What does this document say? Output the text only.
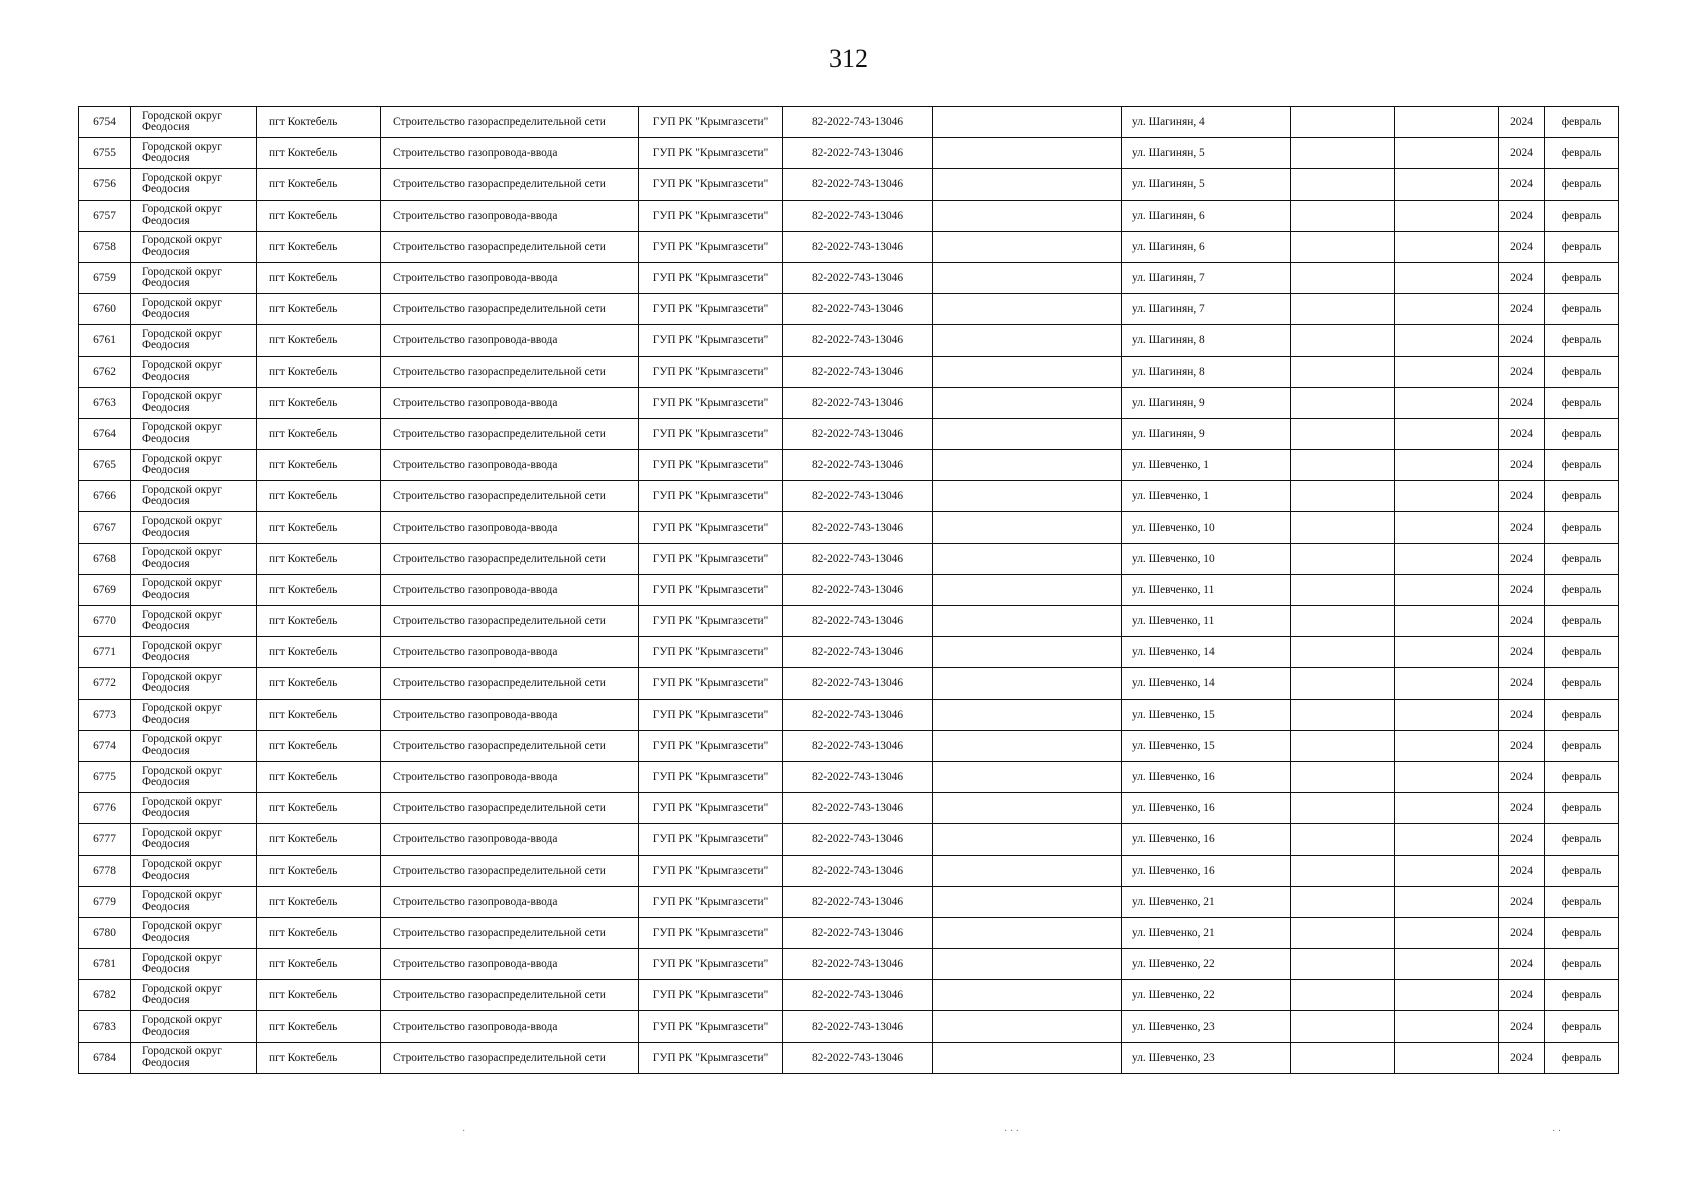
312
6754	Городской округ Феодосия	пгт Коктебель	Строительство газораспределительной сети	ГУП РК "Крымгазсети"	82-2022-743-13046		ул. Шагинян, 4			2024	февраль
6755	Городской округ Феодосия	пгт Коктебель	Строительство газопровода-ввода	ГУП РК "Крымгазсети"	82-2022-743-13046		ул. Шагинян, 5			2024	февраль
6756	Городской округ Феодосия	пгт Коктебель	Строительство газораспределительной сети	ГУП РК "Крымгазсети"	82-2022-743-13046		ул. Шагинян, 5			2024	февраль
6757	Городской округ Феодосия	пгт Коктебель	Строительство газопровода-ввода	ГУП РК "Крымгазсети"	82-2022-743-13046		ул. Шагинян, 6			2024	февраль
6758	Городской округ Феодосия	пгт Коктебель	Строительство газораспределительной сети	ГУП РК "Крымгазсети"	82-2022-743-13046		ул. Шагинян, 6			2024	февраль
6759	Городской округ Феодосия	пгт Коктебель	Строительство газопровода-ввода	ГУП РК "Крымгазсети"	82-2022-743-13046		ул. Шагинян, 7			2024	февраль
6760	Городской округ Феодосия	пгт Коктебель	Строительство газораспределительной сети	ГУП РК "Крымгазсети"	82-2022-743-13046		ул. Шагинян, 7			2024	февраль
6761	Городской округ Феодосия	пгт Коктебель	Строительство газопровода-ввода	ГУП РК "Крымгазсети"	82-2022-743-13046		ул. Шагинян, 8			2024	февраль
6762	Городской округ Феодосия	пгт Коктебель	Строительство газораспределительной сети	ГУП РК "Крымгазсети"	82-2022-743-13046		ул. Шагинян, 8			2024	февраль
6763	Городской округ Феодосия	пгт Коктебель	Строительство газопровода-ввода	ГУП РК "Крымгазсети"	82-2022-743-13046		ул. Шагинян, 9			2024	февраль
6764	Городской округ Феодосия	пгт Коктебель	Строительство газораспределительной сети	ГУП РК "Крымгазсети"	82-2022-743-13046		ул. Шагинян, 9			2024	февраль
6765	Городской округ Феодосия	пгт Коктебель	Строительство газопровода-ввода	ГУП РК "Крымгазсети"	82-2022-743-13046		ул. Шевченко, 1			2024	февраль
6766	Городской округ Феодосия	пгт Коктебель	Строительство газораспределительной сети	ГУП РК "Крымгазсети"	82-2022-743-13046		ул. Шевченко, 1			2024	февраль
6767	Городской округ Феодосия	пгт Коктебель	Строительство газопровода-ввода	ГУП РК "Крымгазсети"	82-2022-743-13046		ул. Шевченко, 10			2024	февраль
6768	Городской округ Феодосия	пгт Коктебель	Строительство газораспределительной сети	ГУП РК "Крымгазсети"	82-2022-743-13046		ул. Шевченко, 10			2024	февраль
6769	Городской округ Феодосия	пгт Коктебель	Строительство газопровода-ввода	ГУП РК "Крымгазсети"	82-2022-743-13046		ул. Шевченко, 11			2024	февраль
6770	Городской округ Феодосия	пгт Коктебель	Строительство газораспределительной сети	ГУП РК "Крымгазсети"	82-2022-743-13046		ул. Шевченко, 11			2024	февраль
6771	Городской округ Феодосия	пгт Коктебель	Строительство газопровода-ввода	ГУП РК "Крымгазсети"	82-2022-743-13046		ул. Шевченко, 14			2024	февраль
6772	Городской округ Феодосия	пгт Коктебель	Строительство газораспределительной сети	ГУП РК "Крымгазсети"	82-2022-743-13046		ул. Шевченко, 14			2024	февраль
6773	Городской округ Феодосия	пгт Коктебель	Строительство газопровода-ввода	ГУП РК "Крымгазсети"	82-2022-743-13046		ул. Шевченко, 15			2024	февраль
6774	Городской округ Феодосия	пгт Коктебель	Строительство газораспределительной сети	ГУП РК "Крымгазсети"	82-2022-743-13046		ул. Шевченко, 15			2024	февраль
6775	Городской округ Феодосия	пгт Коктебель	Строительство газопровода-ввода	ГУП РК "Крымгазсети"	82-2022-743-13046		ул. Шевченко, 16			2024	февраль
6776	Городской округ Феодосия	пгт Коктебель	Строительство газораспределительной сети	ГУП РК "Крымгазсети"	82-2022-743-13046		ул. Шевченко, 16			2024	февраль
6777	Городской округ Феодосия	пгт Коктебель	Строительство газопровода-ввода	ГУП РК "Крымгазсети"	82-2022-743-13046		ул. Шевченко, 16			2024	февраль
6778	Городской округ Феодосия	пгт Коктебель	Строительство газораспределительной сети	ГУП РК "Крымгазсети"	82-2022-743-13046		ул. Шевченко, 16			2024	февраль
6779	Городской округ Феодосия	пгт Коктебель	Строительство газопровода-ввода	ГУП РК "Крымгазсети"	82-2022-743-13046		ул. Шевченко, 21			2024	февраль
6780	Городской округ Феодосия	пгт Коктебель	Строительство газораспределительной сети	ГУП РК "Крымгазсети"	82-2022-743-13046		ул. Шевченко, 21			2024	февраль
6781	Городской округ Феодосия	пгт Коктебель	Строительство газопровода-ввода	ГУП РК "Крымгазсети"	82-2022-743-13046		ул. Шевченко, 22			2024	февраль
6782	Городской округ Феодосия	пгт Коктебель	Строительство газораспределительной сети	ГУП РК "Крымгазсети"	82-2022-743-13046		ул. Шевченко, 22			2024	февраль
6783	Городской округ Феодосия	пгт Коктебель	Строительство газопровода-ввода	ГУП РК "Крымгазсети"	82-2022-743-13046		ул. Шевченко, 23			2024	февраль
6784	Городской округ Феодосия	пгт Коктебель	Строительство газораспределительной сети	ГУП РК "Крымгазсети"	82-2022-743-13046		ул. Шевченко, 23			2024	февраль
·	· · ·	· ·
